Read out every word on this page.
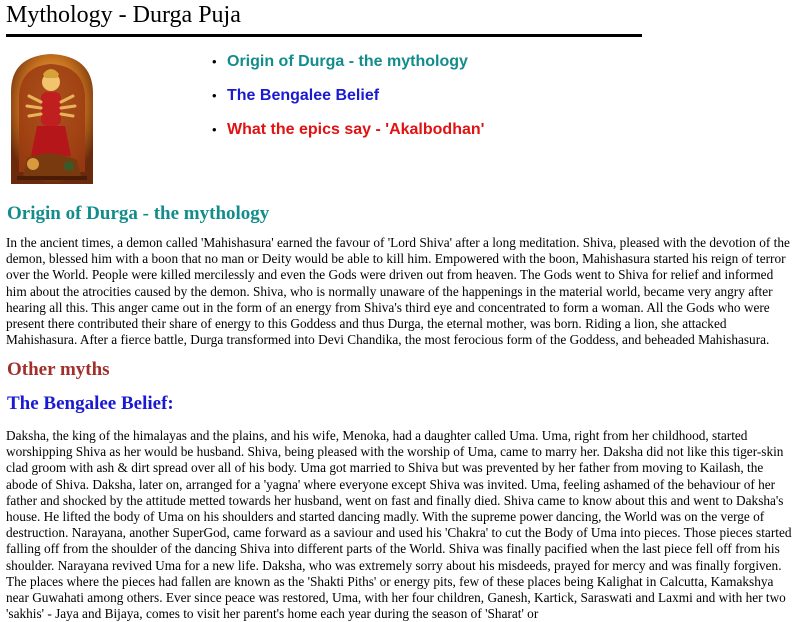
Mythology - Durga Puja
• Origin of Durga - the mythology
• The Bengalee Belief
• What the epics say - 'Akalbodhan'
Origin of Durga - the mythology

In the ancient times, a demon called 'Mahishasura' earned the favour of 'Lord Shiva' after a long meditation. Shiva, pleased with the devotion of the demon, blessed him with a boon that no man or Deity would be able to kill him. Empowered with the boon, Mahishasura started his reign of terror over the World. People were killed mercilessly and even the Gods were driven out from heaven. The Gods went to Shiva for relief and informed him about the atrocities caused by the demon. Shiva, who is normally unaware of the happenings in the material world, became very angry after hearing all this. This anger came out in the form of an energy from Shiva's third eye and concentrated to form a woman. All the Gods who were present there contributed their share of energy to this Goddess and thus Durga, the eternal mother, was born. Riding a lion, she attacked Mahishasura. After a fierce battle, Durga transformed into Devi Chandika, the most ferocious form of the Goddess, and beheaded Mahishasura.

Other myths
The Bengalee Belief:

Daksha, the king of the himalayas and the plains, and his wife, Menoka, had a daughter called Uma. Uma, right from her childhood, started worshipping Shiva as her would be husband. Shiva, being pleased with the worship of Uma, came to marry her. Daksha did not like this tiger-skin clad groom with ash & dirt spread over all of his body. Uma got married to Shiva but was prevented by her father from moving to Kailash, the abode of Shiva. Daksha, later on, arranged for a 'yagna' where everyone except Shiva was invited. Uma, feeling ashamed of the behaviour of her father and shocked by the attitude metted towards her husband, went on fast and finally died. Shiva came to know about this and went to Daksha's house. He lifted the body of Uma on his shoulders and started dancing madly. With the supreme power dancing, the World was on the verge of destruction. Narayana, another SuperGod, came forward as a saviour and used his 'Chakra' to cut the Body of Uma into pieces. Those pieces started falling off from the shoulder of the dancing Shiva into different parts of the World. Shiva was finally pacified when the last piece fell off from his shoulder. Narayana revived Uma for a new life. Daksha, who was extremely sorry about his misdeeds, prayed for mercy and was finally forgiven. The places where the pieces had fallen are known as the 'Shakti Piths' or energy pits, few of these places being Kalighat in Calcutta, Kamakshya near Guwahati among others. Ever since peace was restored, Uma, with her four children, Ganesh, Kartick, Saraswati and Laxmi and with her two 'sakhis' - Jaya and Bijaya, comes to visit her parent's home each year during the season of 'Sharat' or
